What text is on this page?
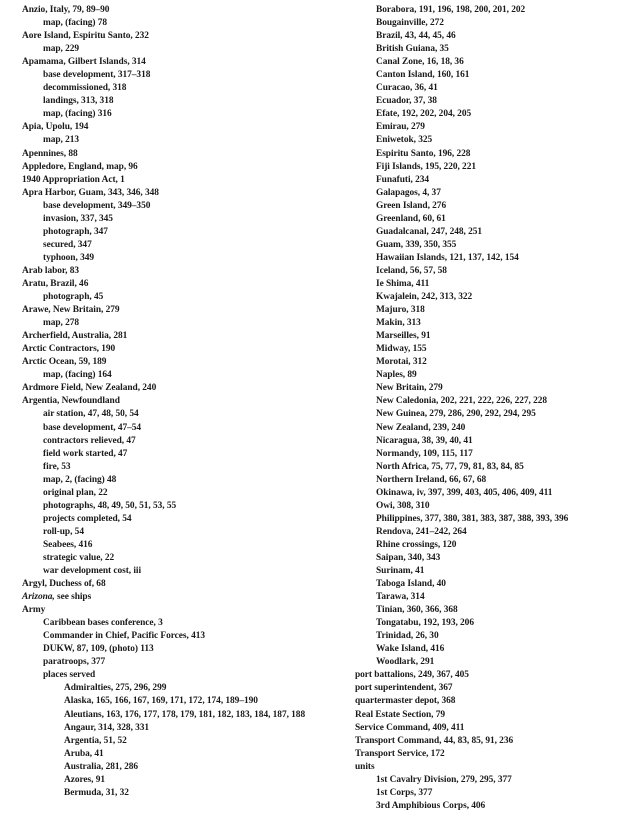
Anzio, Italy, 79, 89–90
map, (facing) 78
Aore Island, Espiritu Santo, 232
map, 229
Apamama, Gilbert Islands, 314
base development, 317–318
decommissioned, 318
landings, 313, 318
map, (facing) 316
Apia, Upolu, 194
map, 213
Apennines, 88
Appledore, England, map, 96
1940 Appropriation Act, 1
Apra Harbor, Guam, 343, 346, 348
base development, 349–350
invasion, 337, 345
photograph, 347
secured, 347
typhoon, 349
Arab labor, 83
Aratu, Brazil, 46
photograph, 45
Arawe, New Britain, 279
map, 278
Archerfield, Australia, 281
Arctic Contractors, 190
Arctic Ocean, 59, 189
map, (facing) 164
Ardmore Field, New Zealand, 240
Argentia, Newfoundland
air station, 47, 48, 50, 54
base development, 47–54
contractors relieved, 47
field work started, 47
fire, 53
map, 2, (facing) 48
original plan, 22
photographs, 48, 49, 50, 51, 53, 55
projects completed, 54
roll-up, 54
Seabees, 416
strategic value, 22
war development cost, iii
Argyl, Duchess of, 68
Arizona, see ships
Army
Caribbean bases conference, 3
Commander in Chief, Pacific Forces, 413
DUKW, 87, 109, (photo) 113
paratroops, 377
places served
Admiralties, 275, 296, 299
Alaska, 165, 166, 167, 169, 171, 172, 174, 189–190
Aleutians, 163, 176, 177, 178, 179, 181, 182, 183, 184, 187, 188
Angaur, 314, 328, 331
Argentia, 51, 52
Aruba, 41
Australia, 281, 286
Azores, 91
Bermuda, 31, 32
Borabora, 191, 196, 198, 200, 201, 202
Bougainville, 272
Brazil, 43, 44, 45, 46
British Guiana, 35
Canal Zone, 16, 18, 36
Canton Island, 160, 161
Curacao, 36, 41
Ecuador, 37, 38
Efate, 192, 202, 204, 205
Emirau, 279
Eniwetok, 325
Espiritu Santo, 196, 228
Fiji Islands, 195, 220, 221
Funafuti, 234
Galapagos, 4, 37
Green Island, 276
Greenland, 60, 61
Guadalcanal, 247, 248, 251
Guam, 339, 350, 355
Hawaiian Islands, 121, 137, 142, 154
Iceland, 56, 57, 58
Ie Shima, 411
Kwajalein, 242, 313, 322
Majuro, 318
Makin, 313
Marseilles, 91
Midway, 155
Morotai, 312
Naples, 89
New Britain, 279
New Caledonia, 202, 221, 222, 226, 227, 228
New Guinea, 279, 286, 290, 292, 294, 295
New Zealand, 239, 240
Nicaragua, 38, 39, 40, 41
Normandy, 109, 115, 117
North Africa, 75, 77, 79, 81, 83, 84, 85
Northern Ireland, 66, 67, 68
Okinawa, iv, 397, 399, 403, 405, 406, 409, 411
Owi, 308, 310
Philippines, 377, 380, 381, 383, 387, 388, 393, 396
Rendova, 241–242, 264
Rhine crossings, 120
Saipan, 340, 343
Surinam, 41
Taboga Island, 40
Tarawa, 314
Tinian, 360, 366, 368
Tongatabu, 192, 193, 206
Trinidad, 26, 30
Wake Island, 416
Woodlark, 291
port battalions, 249, 367, 405
port superintendent, 367
quartermaster depot, 368
Real Estate Section, 79
Service Command, 409, 411
Transport Command, 44, 83, 85, 91, 236
Transport Service, 172
units
1st Cavalry Division, 279, 295, 377
1st Corps, 377
3rd Amphibious Corps, 406
